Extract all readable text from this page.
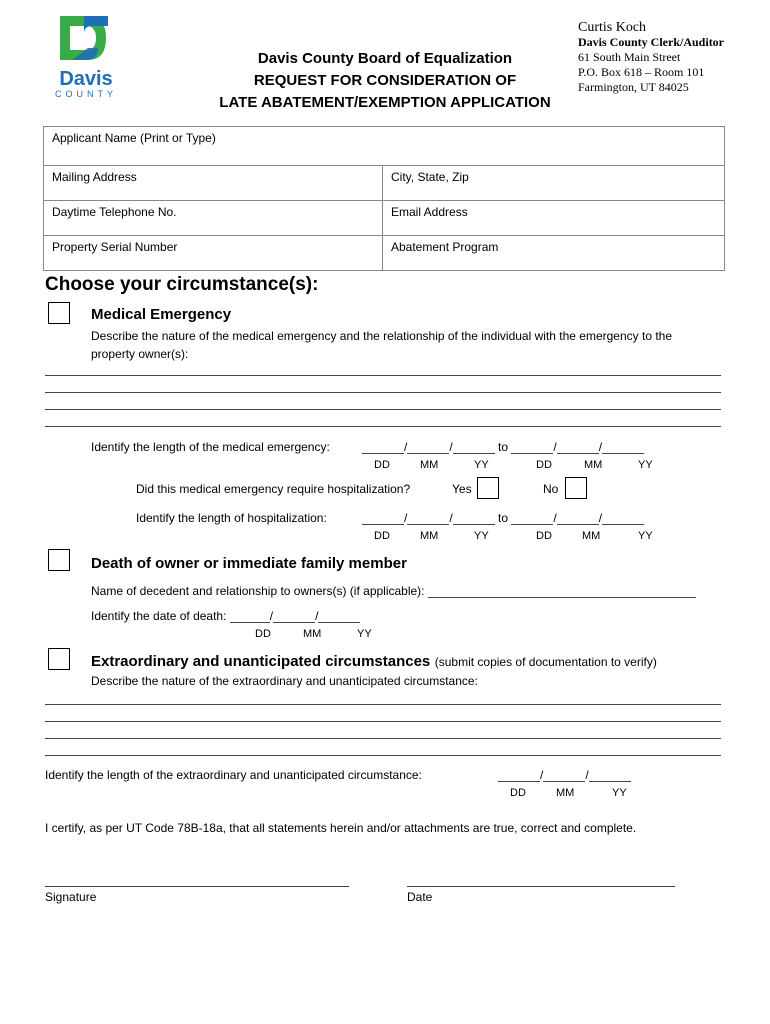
Davis
COUNTY
Davis County Board of Equalization
REQUEST FOR CONSIDERATION OF
LATE ABATEMENT/EXEMPTION APPLICATION
Curtis Koch
Davis County Clerk/Auditor
61 South Main Street
P.O. Box 618 – Room 101
Farmington, UT 84025
Applicant Name (Print or Type)	
Mailing Address	City, State, Zip
Daytime Telephone No.	Email Address
Property Serial Number	Abatement Program
Choose your circumstance(s):
Medical Emergency
Describe the nature of the medical emergency and the relationship of the individual with the emergency to the
property owner(s):
Identify the length of the medical emergency:	/	/	to	/	/
DD	MM	YY	DD	MM	YY
Did this medical emergency require hospitalization?	Yes	No
Identify the length of hospitalization:	/	/	to	/	/
DD	MM	YY	DD	MM	YY
Death of owner or immediate family member
Name of decedent and relationship to owners(s) (if applicable):
Identify the date of death:	/	/
DD	MM	YY
Extraordinary and unanticipated circumstances (submit copies of documentation to verify)
Describe the nature of the extraordinary and unanticipated circumstance:
Identify the length of the extraordinary and unanticipated circumstance:	/	/
DD	MM	YY
I certify, as per UT Code 78B-18a, that all statements herein and/or attachments are true, correct and complete.
Signature	Date
